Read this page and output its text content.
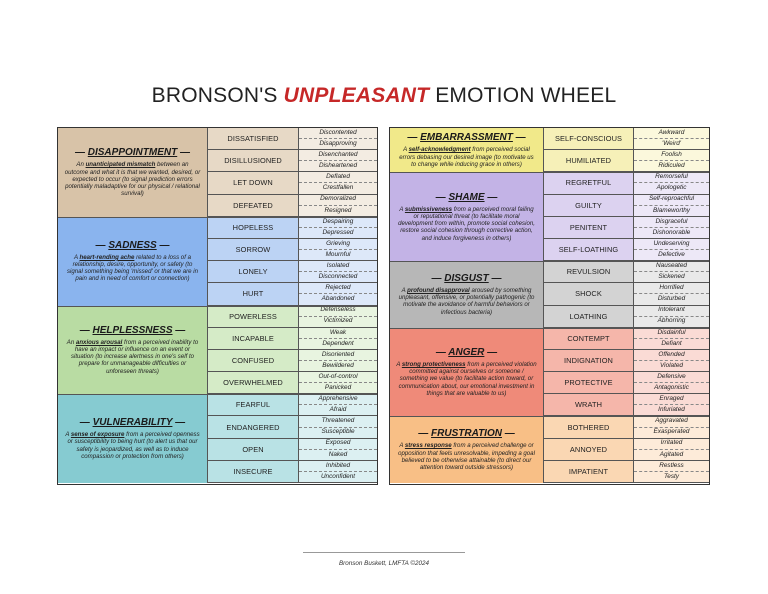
BRONSON'S UNPLEASANT EMOTION WHEEL
— DISAPPOINTMENT —
An unanticipated mismatch between an outcome and what it is that we wanted, desired, or expected to occur (to signal prediction errors potentially maladaptive for our physical / relational survival)
DISSATISFIED
Discontented
Disapproving
DISILLUSIONED
Disenchanted
Disheartened
LET DOWN
Deflated
Crestfallen
DEFEATED
Demoralized
Resigned
— SADNESS —
A heart-rending ache related to a loss of a relationship, desire, opportunity, or safety (to signal something being 'missed' or that we are in pain and in need of comfort or connection)
HOPELESS
Despairing
Depressed
SORROW
Grieving
Mournful
LONELY
Isolated
Disconnected
HURT
Rejected
Abandoned
— HELPLESSNESS —
An anxious arousal from a perceived inability to have an impact or influence on an event or situation (to increase alertness in one's self to prepare for unmanageable difficulties or unforeseen threats)
POWERLESS
Defenseless
Victimized
INCAPABLE
Weak
Dependent
CONFUSED
Disoriented
Bewildered
OVERWHELMED
Out-of-control
Panicked
— VULNERABILITY —
A sense of exposure from a perceived openness or susceptibility to being hurt (to alert us that our safety is jeopardized, as well as to induce compassion or protection from others)
FEARFUL
Apprehensive
Afraid
ENDANGERED
Threatened
Susceptible
OPEN
Exposed
Naked
INSECURE
Inhibited
Unconfident
— EMBARRASSMENT —
A self-acknowledgment from perceived social errors debasing our desired image (to motivate us to change while inducing grace in others)
SELF-CONSCIOUS
Awkward
'Weird'
HUMILIATED
Foolish
Ridiculed
— SHAME —
A submissiveness from a perceived moral failing or reputational threat (to facilitate moral development from within, promote social cohesion, restore social cohesion through corrective action, and induce forgiveness in others)
REGRETFUL
Remorseful
Apologetic
GUILTY
Self-reproachful
Blameworthy
PENITENT
Disgraceful
Dishonorable
SELF-LOATHING
Undeserving
Defective
— DISGUST —
A profound disapproval aroused by something unpleasant, offensive, or potentially pathogenic (to motivate the avoidance of harmful behaviors or infectious bacteria)
REVULSION
Nauseated
Sickened
SHOCK
Horrified
Disturbed
LOATHING
Intolerant
Abhorring
— ANGER —
A strong protectiveness from a perceived violation committed against ourselves or someone / something we value (to facilitate action toward, or communication about, our emotional investment in things that are valuable to us)
CONTEMPT
Disdainful
Defiant
INDIGNATION
Offended
Violated
PROTECTIVE
Defensive
Antagonistic
WRATH
Enraged
Infuriated
— FRUSTRATION —
A stress response from a perceived challenge or opposition that feels unresolvable, impeding a goal believed to be otherwise attainable (to direct our attention toward outside stressors)
BOTHERED
Aggravated
Exasperated
ANNOYED
Irritated
Agitated
IMPATIENT
Restless
Testy
Bronson Buskett, LMFTA ©2024
